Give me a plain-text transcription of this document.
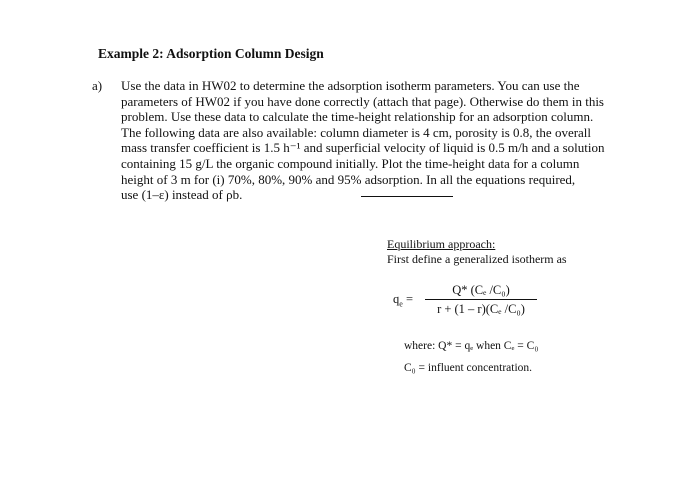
Example 2: Adsorption Column Design
a) Use the data in HW02 to determine the adsorption isotherm parameters. You can use the
parameters of HW02 if you have done correctly (attach that page). Otherwise do them in this
problem. Use these data to calculate the time-height relationship for an adsorption column.
The following data are also available: column diameter is 4 cm, porosity is 0.8, the overall
mass transfer coefficient is 1.5 h⁻¹ and superficial velocity of liquid is 0.5 m/h and a solution
containing 15 g/L the organic compound initially. Plot the time-height data for a column
height of 3 m for (i) 70%, 80%, 90% and 95% adsorption. In all the equations required,
use (1–ε) instead of ρb.
Equilibrium approach:
First define a generalized isotherm as
$q_e$ =
Q* (Cₑ /C₀)
r + (1 – r)(Cₑ /C₀)
where: Q* = qₑ when Cₑ = C₀
C₀ = influent concentration.
